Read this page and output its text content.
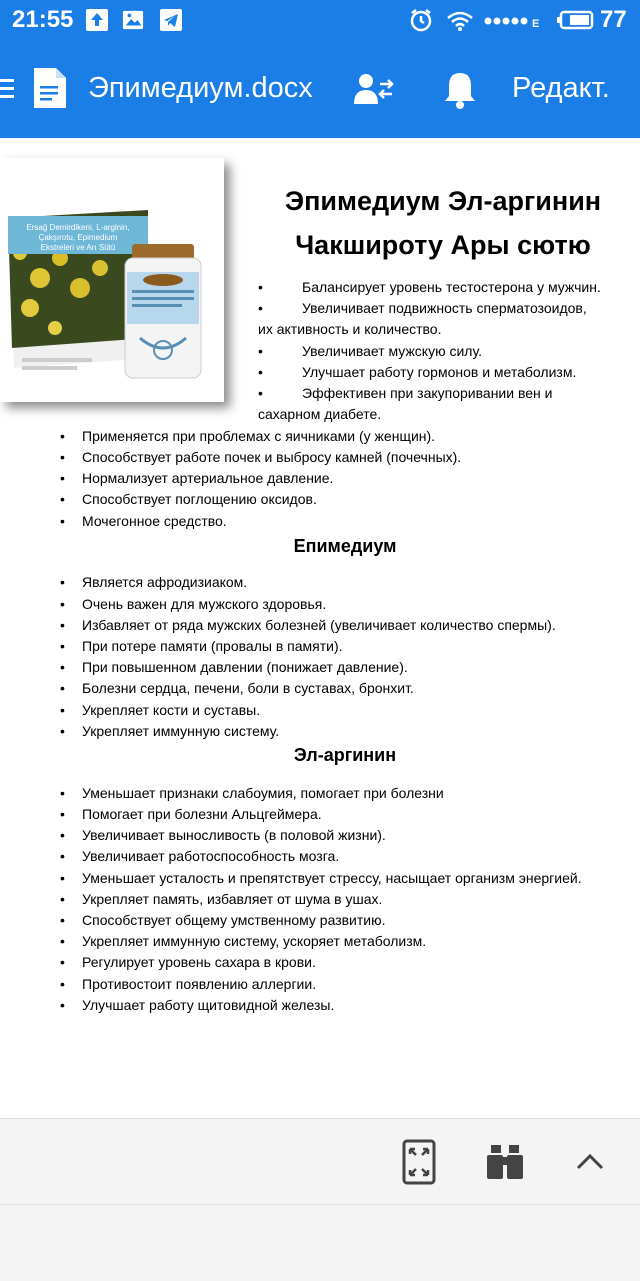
21:55	E	77
Эпимедиум.docx	Редакт.
Ersağ Demirdikeni, L-arginin,
Çakşırotu, Epimedium
Ekstreleri ve Arı Sütü
Эпимедиум Эл-аргинин
Чакшироту Ары сютю
•	Балансирует уровень тестостерона у мужчин.
•	Увеличивает подвижность сперматозоидов,
их активность и количество.
•	Увеличивает мужскую силу.
•	Улучшает работу гормонов и метаболизм.
•	Эффективен при закупоривании вен и
сахарном диабете.
• Применяется при проблемах с яичниками (у женщин).
• Способствует работе почек и выбросу камней (почечных).
• Нормализует артериальное давление.
• Способствует поглощению оксидов.
• Мочегонное средство.
Епимедиум
• Является афродизиаком.
• Очень важен для мужского здоровья.
• Избавляет от ряда мужских болезней (увеличивает количество спермы).
• При потере памяти (провалы в памяти).
• При повышенном давлении (понижает давление).
• Болезни сердца, печени, боли в суставах, бронхит.
• Укрепляет кости и суставы.
• Укрепляет иммунную систему.
Эл-аргинин
• Уменьшает признаки слабоумия, помогает при болезни
• Помогает при болезни Альцгеймера.
• Увеличивает выносливость (в половой жизни).
• Увеличивает работоспособность мозга.
• Уменьшает усталость и препятствует стрессу, насыщает организм энергией.
• Укрепляет память, избавляет от шума в ушах.
• Способствует общему умственному развитию.
• Укрепляет иммунную систему, ускоряет метаболизм.
• Регулирует уровень сахара в крови.
• Противостоит появлению аллергии.
• Улучшает работу щитовидной железы.
